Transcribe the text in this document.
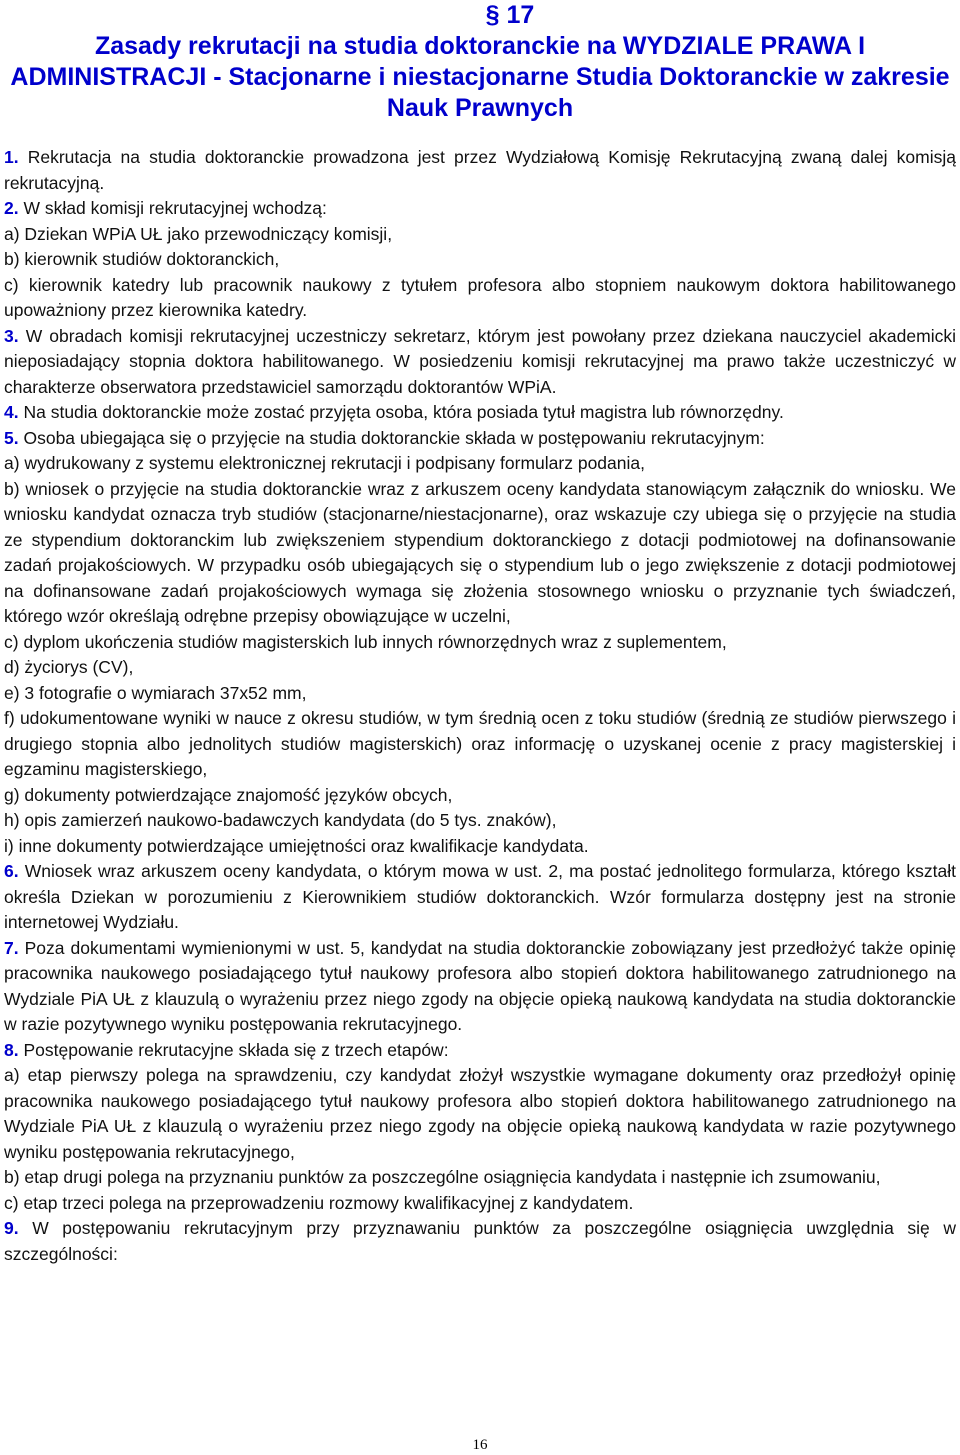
§ 17
Zasady rekrutacji na studia doktoranckie na WYDZIALE PRAWA I ADMINISTRACJI - Stacjonarne i niestacjonarne Studia Doktoranckie w zakresie Nauk Prawnych

1. Rekrutacja na studia doktoranckie prowadzona jest przez Wydziałową Komisję Rekrutacyjną zwaną dalej komisją rekrutacyjną.

2. W skład komisji rekrutacyjnej wchodzą:

a) Dziekan WPiA UŁ jako przewodniczący komisji,

b) kierownik studiów doktoranckich,

c) kierownik katedry lub pracownik naukowy z tytułem profesora albo stopniem naukowym doktora habilitowanego upoważniony przez kierownika katedry.

3. W obradach komisji rekrutacyjnej uczestniczy sekretarz, którym jest powołany przez dziekana nauczyciel akademicki nieposiadający stopnia doktora habilitowanego. W posiedzeniu komisji rekrutacyjnej ma prawo także uczestniczyć w charakterze obserwatora przedstawiciel samorządu doktorantów WPiA.

4. Na studia doktoranckie może zostać przyjęta osoba, która posiada tytuł magistra lub równorzędny.

5. Osoba ubiegająca się o przyjęcie na studia doktoranckie składa w postępowaniu rekrutacyjnym:

a) wydrukowany z systemu elektronicznej rekrutacji i podpisany formularz podania,

b) wniosek o przyjęcie na studia doktoranckie wraz z arkuszem oceny kandydata stanowiącym załącznik do wniosku. We wniosku kandydat oznacza tryb studiów (stacjonarne/niestacjonarne), oraz wskazuje czy ubiega się o przyjęcie na studia ze stypendium doktoranckim lub zwiększeniem stypendium doktoranckiego z dotacji podmiotowej na dofinansowanie zadań projakościowych. W przypadku osób ubiegających się o stypendium lub o jego zwiększenie z dotacji podmiotowej na dofinansowane zadań projakościowych wymaga się złożenia stosownego wniosku o przyznanie tych świadczeń, którego wzór określają odrębne przepisy obowiązujące w uczelni,

c) dyplom ukończenia studiów magisterskich lub innych równorzędnych wraz z suplementem,

d) życiorys (CV),

e) 3 fotografie o wymiarach 37x52 mm,

f) udokumentowane wyniki w nauce z okresu studiów, w tym średnią ocen z toku studiów (średnią ze studiów pierwszego i drugiego stopnia albo jednolitych studiów magisterskich) oraz informację o uzyskanej ocenie z pracy magisterskiej i egzaminu magisterskiego,

g) dokumenty potwierdzające znajomość języków obcych,

h) opis zamierzeń naukowo-badawczych kandydata (do 5 tys. znaków),

i) inne dokumenty potwierdzające umiejętności oraz kwalifikacje kandydata.

6. Wniosek wraz arkuszem oceny kandydata, o którym mowa w ust. 2, ma postać jednolitego formularza, którego kształt określa Dziekan w porozumieniu z Kierownikiem studiów doktoranckich. Wzór formularza dostępny jest na stronie internetowej Wydziału.

7. Poza dokumentami wymienionymi w ust. 5, kandydat na studia doktoranckie zobowiązany jest przedłożyć także opinię pracownika naukowego posiadającego tytuł naukowy profesora albo stopień doktora habilitowanego zatrudnionego na Wydziale PiA UŁ z klauzulą o wyrażeniu przez niego zgody na objęcie opieką naukową kandydata na studia doktoranckie w razie pozytywnego wyniku postępowania rekrutacyjnego.

8. Postępowanie rekrutacyjne składa się z trzech etapów:

a) etap pierwszy polega na sprawdzeniu, czy kandydat złożył wszystkie wymagane dokumenty oraz przedłożył opinię pracownika naukowego posiadającego tytuł naukowy profesora albo stopień doktora habilitowanego zatrudnionego na Wydziale PiA UŁ z klauzulą o wyrażeniu przez niego zgody na objęcie opieką naukową kandydata w razie pozytywnego wyniku postępowania rekrutacyjnego,

b) etap drugi polega na przyznaniu punktów za poszczególne osiągnięcia kandydata i następnie ich zsumowaniu,

c) etap trzeci polega na przeprowadzeniu rozmowy kwalifikacyjnej z kandydatem.

9. W postępowaniu rekrutacyjnym przy przyznawaniu punktów za poszczególne osiągnięcia uwzględnia się w szczególności:

16
